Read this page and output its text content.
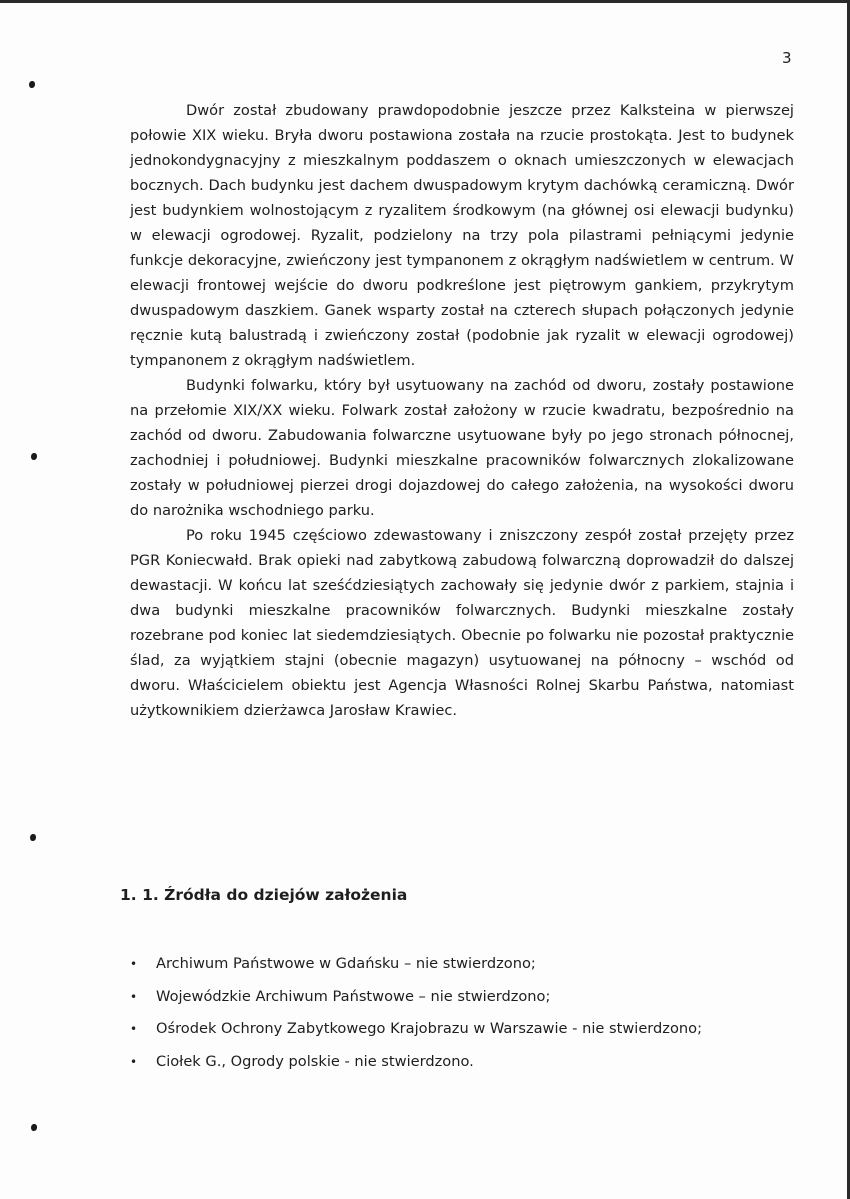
3

Dwór został zbudowany prawdopodobnie jeszcze przez Kalksteina w pierwszej połowie XIX wieku. Bryła dworu postawiona została na rzucie prostokąta. Jest to budynek jednokondygnacyjny z mieszkalnym poddaszem o oknach umieszczonych w elewacjach bocznych. Dach budynku jest dachem dwuspadowym krytym dachówką ceramiczną. Dwór jest budynkiem wolnostojącym z ryzalitem środkowym (na głównej osi elewacji budynku) w elewacji ogrodowej. Ryzalit, podzielony na trzy pola pilastrami pełniącymi jedynie funkcje dekoracyjne, zwieńczony jest tympanonem z okrągłym nadświetlem w centrum. W elewacji frontowej wejście do dworu podkreślone jest piętrowym gankiem, przykrytym dwuspadowym daszkiem. Ganek wsparty został na czterech słupach połączonych jedynie ręcznie kutą balustradą i zwieńczony został (podobnie jak ryzalit w elewacji ogrodowej) tympanonem z okrągłym nadświetlem.

Budynki folwarku, który był usytuowany na zachód od dworu, zostały postawione na przełomie XIX/XX wieku. Folwark został założony w rzucie kwadratu, bezpośrednio na zachód od dworu. Zabudowania folwarczne usytuowane były po jego stronach północnej, zachodniej i południowej. Budynki mieszkalne pracowników folwarcznych zlokalizowane zostały w południowej pierzei drogi dojazdowej do całego założenia, na wysokości dworu do narożnika wschodniego parku.

Po roku 1945 częściowo zdewastowany i zniszczony zespół został przejęty przez PGR Koniecwałd. Brak opieki nad zabytkową zabudową folwarczną doprowadził do dalszej dewastacji. W końcu lat sześćdziesiątych zachowały się jedynie dwór z parkiem, stajnia i dwa budynki mieszkalne pracowników folwarcznych. Budynki mieszkalne zostały rozebrane pod koniec lat siedemdziesiątych. Obecnie po folwarku nie pozostał praktycznie ślad, za wyjątkiem stajni (obecnie magazyn) usytuowanej na północny – wschód od dworu. Właścicielem obiektu jest Agencja Własności Rolnej Skarbu Państwa, natomiast użytkownikiem dzierżawca Jarosław Krawiec.

1. 1. Źródła do dziejów założenia
• Archiwum Państwowe w Gdańsku – nie stwierdzono;
• Wojewódzkie Archiwum Państwowe – nie stwierdzono;
• Ośrodek Ochrony Zabytkowego Krajobrazu w Warszawie - nie stwierdzono;
• Ciołek G., Ogrody polskie - nie stwierdzono.
